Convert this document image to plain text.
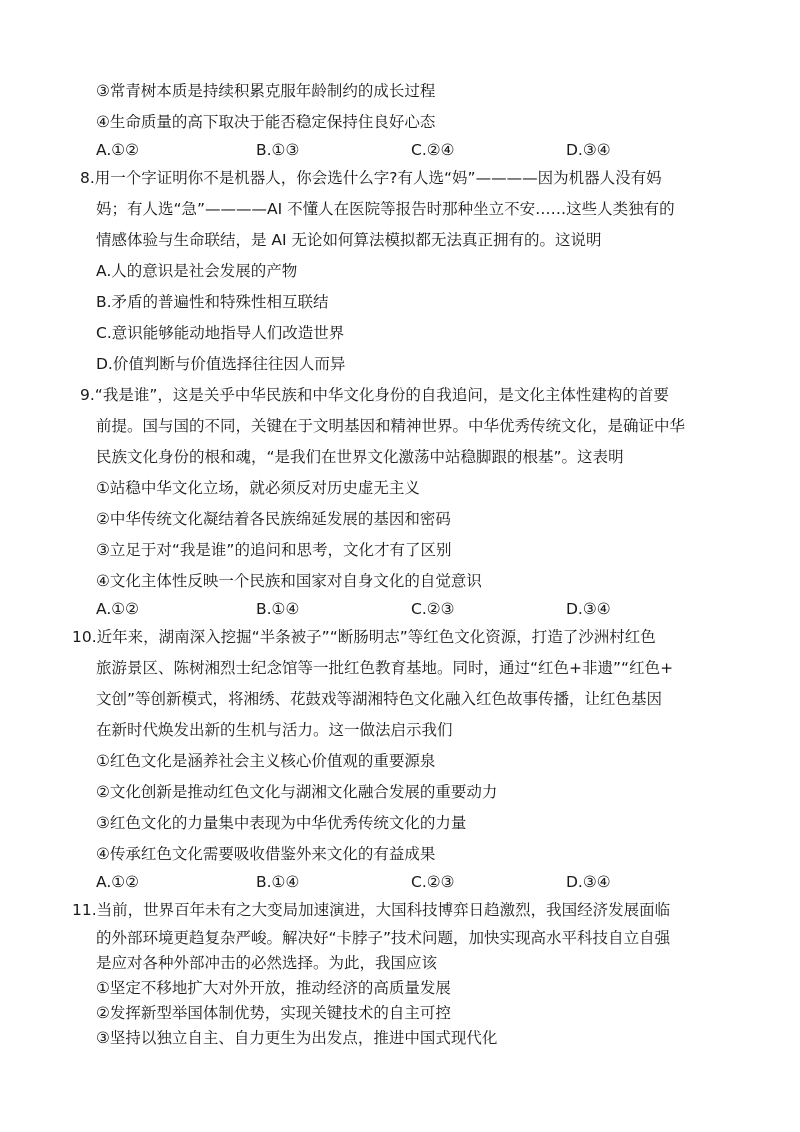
③常青树本质是持续积累克服年龄制约的成长过程
④生命质量的高下取决于能否稳定保持住良好心态
A.①②	B.①③	C.②④	D.③④
8.用一个字证明你不是机器人，你会选什么字?有人选“妈”————因为机器人没有妈
妈；有人选“急”————AI 不懂人在医院等报告时那种坐立不安……这些人类独有的
情感体验与生命联结，是 AI 无论如何算法模拟都无法真正拥有的。这说明
A.人的意识是社会发展的产物
B.矛盾的普遍性和特殊性相互联结
C.意识能够能动地指导人们改造世界
D.价值判断与价值选择往往因人而异
9.“我是谁”，这是关乎中华民族和中华文化身份的自我追问，是文化主体性建构的首要
前提。国与国的不同，关键在于文明基因和精神世界。中华优秀传统文化，是确证中华
民族文化身份的根和魂，“是我们在世界文化激荡中站稳脚跟的根基”。这表明
①站稳中华文化立场，就必须反对历史虚无主义
②中华传统文化凝结着各民族绵延发展的基因和密码
③立足于对“我是谁”的追问和思考，文化才有了区别
④文化主体性反映一个民族和国家对自身文化的自觉意识
A.①②	B.①④	C.②③	D.③④
10.近年来，湖南深入挖掘“半条被子”“断肠明志”等红色文化资源，打造了沙洲村红色
旅游景区、陈树湘烈士纪念馆等一批红色教育基地。同时，通过“红色+非遗”“红色+
文创”等创新模式，将湘绣、花鼓戏等湖湘特色文化融入红色故事传播，让红色基因
在新时代焕发出新的生机与活力。这一做法启示我们
①红色文化是涵养社会主义核心价值观的重要源泉
②文化创新是推动红色文化与湖湘文化融合发展的重要动力
③红色文化的力量集中表现为中华优秀传统文化的力量
④传承红色文化需要吸收借鉴外来文化的有益成果
A.①②	B.①④	C.②③	D.③④
11.当前，世界百年未有之大变局加速演进，大国科技博弈日趋激烈，我国经济发展面临
的外部环境更趋复杂严峻。解决好“卡脖子”技术问题，加快实现高水平科技自立自强
是应对各种外部冲击的必然选择。为此，我国应该
①坚定不移地扩大对外开放，推动经济的高质量发展
②发挥新型举国体制优势，实现关键技术的自主可控
③坚持以独立自主、自力更生为出发点，推进中国式现代化
